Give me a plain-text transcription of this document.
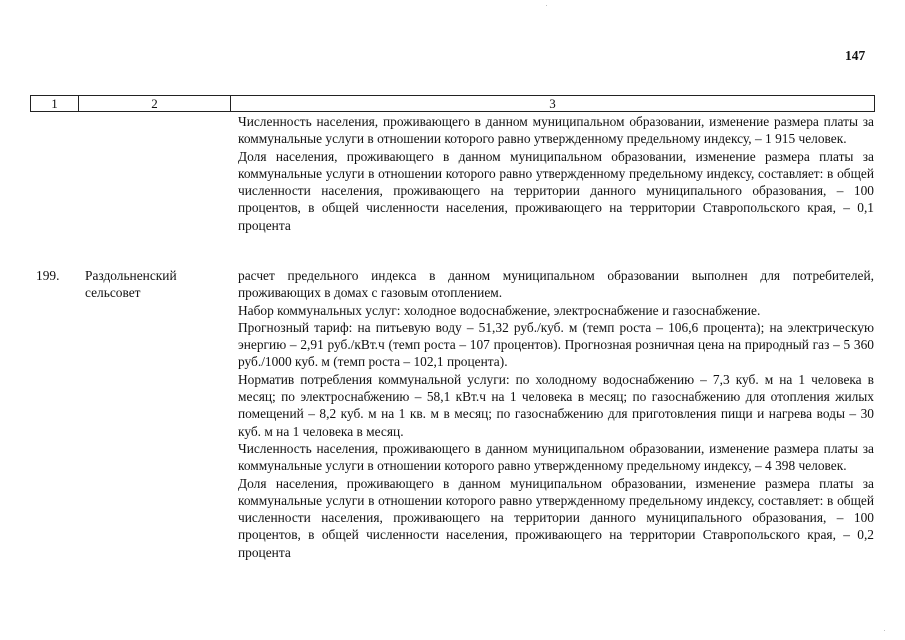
147
1	2	3

Численность населения, проживающего в данном муниципальном образовании, изменение размера платы за коммунальные услуги в отношении которого равно утвержденному предельному индексу, – 1 915 человек.

Доля населения, проживающего в данном муниципальном образовании, изменение размера платы за коммунальные услуги в отношении которого равно утвержденному предельному индексу, составляет: в общей численности населения, проживающего на территории данного муниципального образования, – 100 процентов, в общей численности населения, проживающего на территории Ставропольского края, – 0,1 процента

199. Раздольненский
сельсовет

расчет предельного индекса в данном муниципальном образовании выполнен для потребителей, проживающих в домах с газовым отоплением.

Набор коммунальных услуг: холодное водоснабжение, электроснабжение и газоснабжение.

Прогнозный тариф: на питьевую воду – 51,32 руб./куб. м (темп роста – 106,6 процента); на электрическую энергию – 2,91 руб./кВт.ч (темп роста – 107 процентов). Прогнозная розничная цена на природный газ – 5 360 руб./1000 куб. м (темп роста – 102,1 процента).

Норматив потребления коммунальной услуги: по холодному водоснабжению – 7,3 куб. м на 1 человека в месяц; по электроснабжению – 58,1 кВт.ч на 1 человека в месяц; по газоснабжению для отопления жилых помещений – 8,2 куб. м на 1 кв. м в месяц; по газоснабжению для приготовления пищи и нагрева воды – 30 куб. м на 1 человека в месяц.

Численность населения, проживающего в данном муниципальном образовании, изменение размера платы за коммунальные услуги в отношении которого равно утвержденному предельному индексу, – 4 398 человек.

Доля населения, проживающего в данном муниципальном образовании, изменение размера платы за коммунальные услуги в отношении которого равно утвержденному предельному индексу, составляет: в общей численности населения, проживающего на территории данного муниципального образования, – 100 процентов, в общей численности населения, проживающего на территории Ставропольского края, – 0,2 процента
